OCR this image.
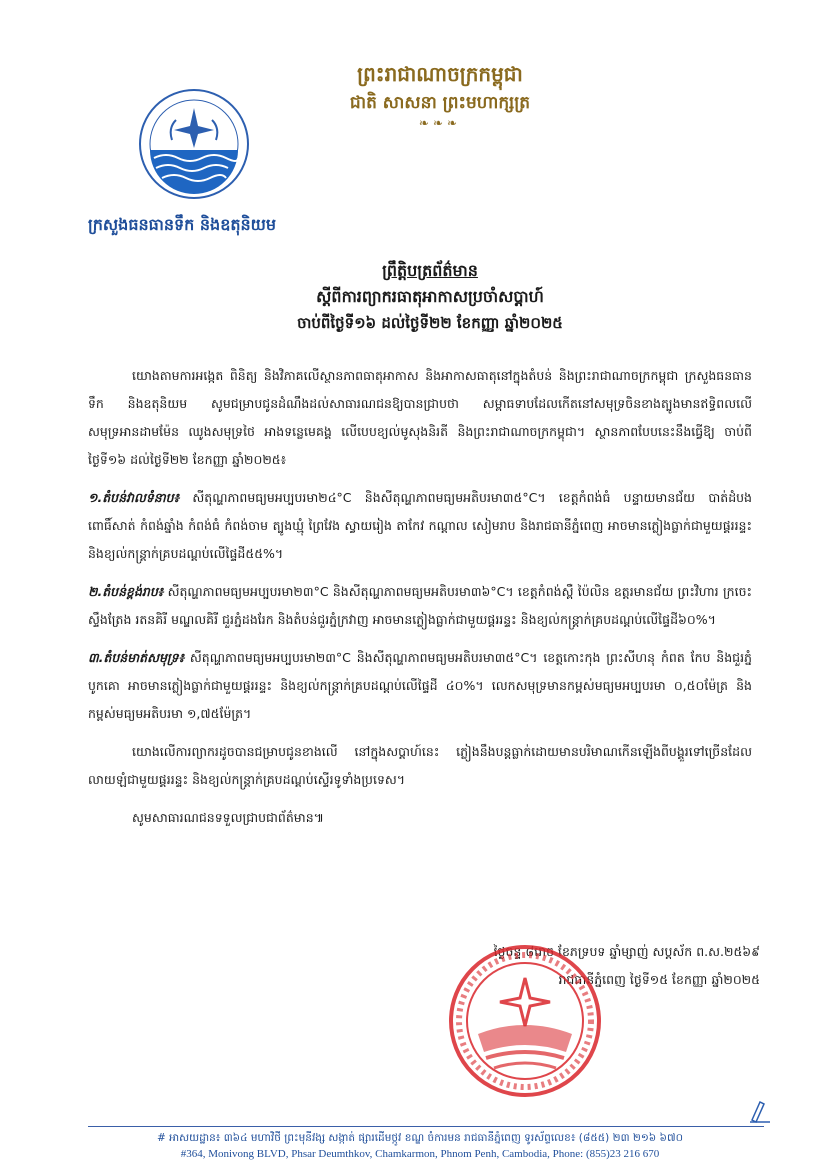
ព្រះរាជាណាចក្រកម្ពុជា
ជាតិ សាសនា ព្រះមហាក្សត្រ
❧❧❧
ក្រសួងធនធានទឹក និងឧតុនិយម
ព្រឹត្តិបត្រព័ត៌មាន
ស្តីពីការព្យាករធាតុអាកាសប្រចាំសប្តាហ៍
ចាប់ពីថ្ងៃទី១៦ ដល់ថ្ងៃទី២២ ខែកញ្ញា ឆ្នាំ២០២៥

យោងតាមការអង្កេត ពិនិត្យ និងវិភាគលើស្ថានភាពធាតុអាកាស និងអាកាសធាតុនៅក្នុងតំបន់ និងព្រះរាជាណាចក្រកម្ពុជា ក្រសួងធនធានទឹក និងឧតុនិយម សូមជម្រាបជូនដំណឹងដល់សាធារណជនឱ្យបានជ្រាបថា សម្ពាធទាបដែលកើតនៅសមុទ្រចិនខាងត្បូងមានឥទ្ធិពលលើសមុទ្រអានដាមម៉ែន ឈូងសមុទ្រថៃ អាងទន្លេមេគង្គ លើបេបខ្យល់មូសុងនិរតី និងព្រះរាជាណាចក្រកម្ពុជា។ ស្ថានភាពបែបនេះនឹងធ្វើឱ្យ ចាប់ពីថ្ងៃទី១៦ ដល់ថ្ងៃទី២២ ខែកញ្ញា ឆ្នាំ២០២៥៖

១.តំបន់វាលទំនាប៖ សីតុណ្ហភាពមធ្យមអប្បបរមា២៤°C និងសីតុណ្ហភាពមធ្យមអតិបរមា៣៥°C។ ខេត្តកំពង់ធំ បន្ទាយមានជ័យ បាត់ដំបង ពោធិ៍សាត់ កំពង់ឆ្នាំង កំពង់ធំ កំពង់ចាម ត្បូងឃ្មុំ ព្រៃវែង ស្វាយរៀង តាកែវ កណ្តាល សៀមរាប និងរាជធានីភ្នំពេញ អាចមានភ្លៀងធ្លាក់ជាមួយផ្គររន្ទះ និងខ្យល់កន្ត្រាក់គ្របដណ្តប់លើផ្ទៃដី៥៥%។

២.តំបន់ខ្ពង់រាប៖ សីតុណ្ហភាពមធ្យមអប្បបរមា២៣°C និងសីតុណ្ហភាពមធ្យមអតិបរមា៣៦°C។ ខេត្តកំពង់ស្ពឺ ប៉ៃលិន ឧត្តរមានជ័យ ព្រះវិហារ ក្រចេះ ស្ទឹងត្រែង រតនគិរី មណ្ឌលគិរី ជួរភ្នំដងរែក និងតំបន់ជួរភ្នំក្រវាញ អាចមានភ្លៀងធ្លាក់ជាមួយផ្គររន្ទះ និងខ្យល់កន្ត្រាក់គ្របដណ្តប់លើផ្ទៃដី៦០%។

៣.តំបន់មាត់សមុទ្រ៖ សីតុណ្ហភាពមធ្យមអប្បបរមា២៣°C និងសីតុណ្ហភាពមធ្យមអតិបរមា៣៥°C។ ខេត្តកោះកុង ព្រះសីហនុ កំពត កែប និងជួរភ្នំបូកគោ អាចមានភ្លៀងធ្លាក់ជាមួយផ្គររន្ទះ និងខ្យល់កន្ត្រាក់គ្របដណ្តប់លើផ្ទៃដី ៤០%។ លេកសមុទ្រមានកម្ពស់មធ្យមអប្បបរមា ០,៥០ម៉ែត្រ និងកម្ពស់មធ្យមអតិបរមា ១,៧៥ម៉ែត្រ។

យោងលើការព្យាករដូចបានជម្រាបជូនខាងលើ នៅក្នុងសប្តាហ៍នេះ ភ្លៀងនឹងបន្តធ្លាក់ដោយមានបរិមាណកើនឡើងពីបង្គួរទៅច្រើនដែលលាយឡំជាមួយផ្គររន្ទះ និងខ្យល់កន្ត្រាក់គ្របដណ្តប់ស្ទើរទូទាំងប្រទេស។

សូមសាធារណជនទទួលជ្រាបជាព័ត៌មាន៕

ថ្ងៃចន្ទ ៨រោច ខែភទ្របទ ឆ្នាំម្សាញ់ សប្តស័ក ព.ស.២៥៦៩
រាជធានីភ្នំពេញ ថ្ងៃទី១៥ ខែកញ្ញា ឆ្នាំ២០២៥
# អាសយដ្ឋាន៖ ៣៦៤ មហាវិថី ព្រះមុនីវង្ស សង្កាត់ ផ្សារដើមថ្កូវ ខណ្ឌ ចំការមន រាជធានីភ្នំពេញ ទូរស័ព្ទលេខ៖ (៨៥៥) ២៣ ២១៦ ៦៧០
#364, Monivong BLVD, Phsar Deumthkov, Chamkarmon, Phnom Penh, Cambodia, Phone: (855)23 216 670
